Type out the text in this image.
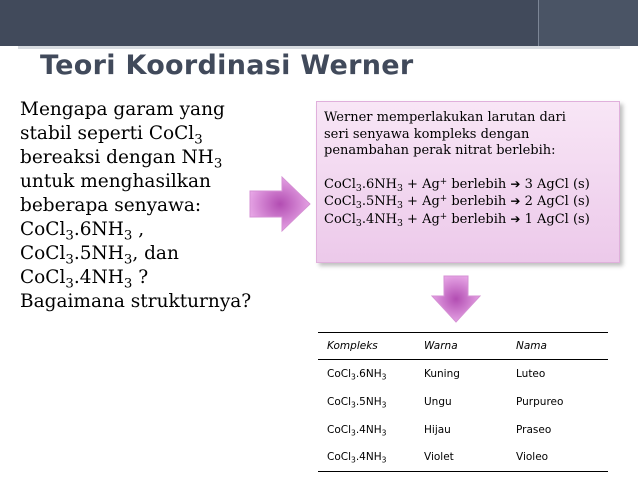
Teori Koordinasi Werner
Mengapa garam yang
stabil seperti CoCl$_3$
bereaksi dengan $NH_3$
untuk menghasilkan
beberapa senyawa:
$CoCl_3.6NH_3$ ,
$CoCl_3.5NH_3$, dan
$CoCl_3.4NH_3$ ?
Bagaimana strukturnya?
Werner memperlakukan larutan dari
seri senyawa kompleks dengan
penambahan perak nitrat berlebih:
$CoCl_3.6NH_3 + Ag^+$ berlebih ➔ 3 AgCl (s)
$CoCl_3.5NH_3 + Ag^+$ berlebih ➔ 2 AgCl (s)
$CoCl_3.4NH_3 + Ag^+$ berlebih ➔ 1 AgCl (s)
Kompleks	Warna	Nama
$CoCl_3.6NH_3$	Kuning	Luteo
$CoCl_3.5NH_3$	Ungu	Purpureo
$CoCl_3.4NH_3$	Hijau	Praseo
$CoCl_3.4NH_3$	Violet	Violeo
